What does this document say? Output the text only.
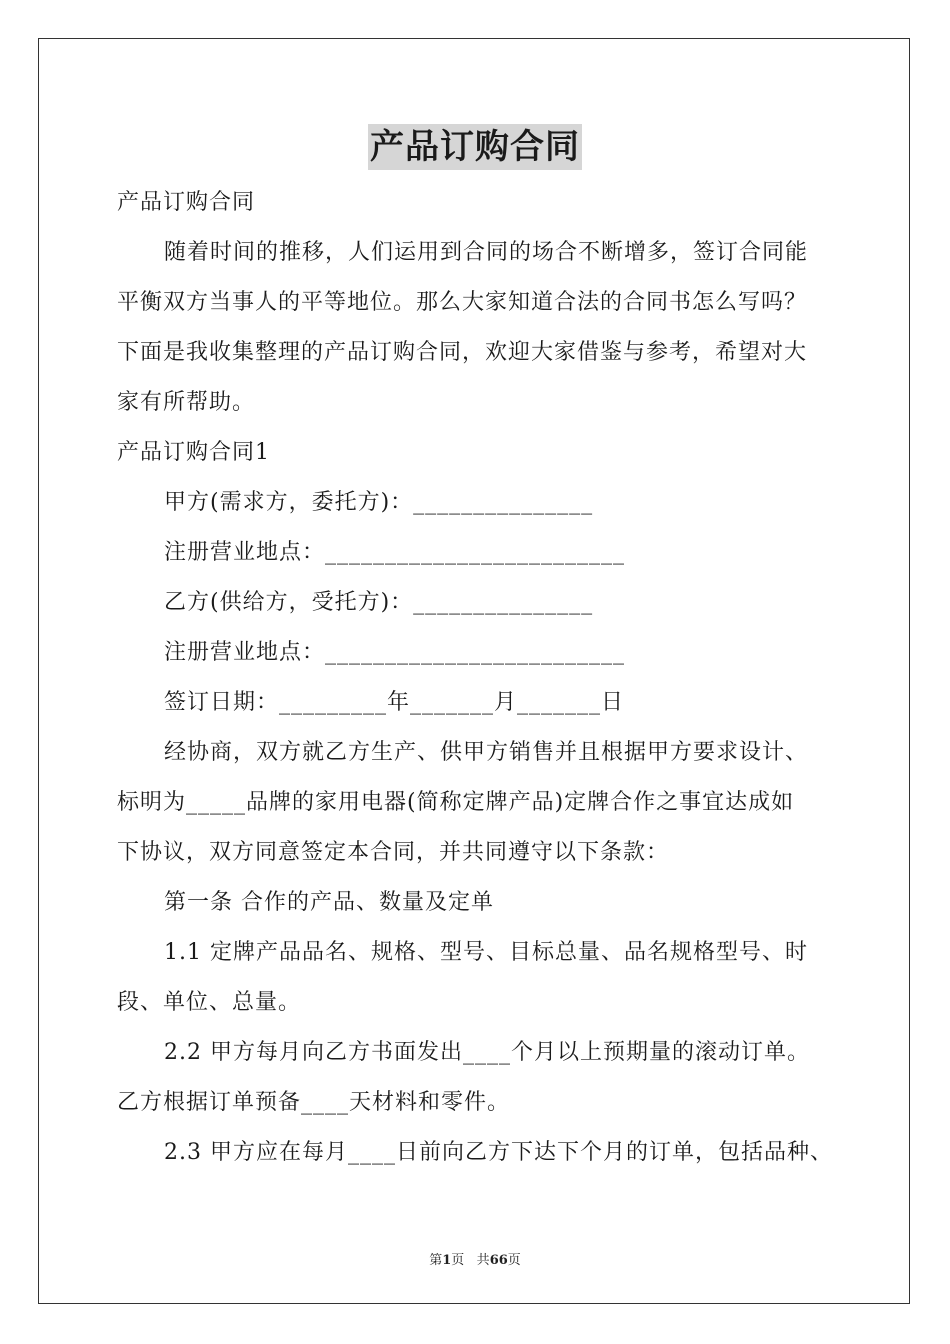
产品订购合同
产品订购合同
随着时间的推移，人们运用到合同的场合不断增多，签订合同能
平衡双方当事人的平等地位。那么大家知道合法的合同书怎么写吗？
下面是我收集整理的产品订购合同，欢迎大家借鉴与参考，希望对大
家有所帮助。
产品订购合同1
甲方(需求方，委托方)：_______________
注册营业地点：_________________________
乙方(供给方，受托方)：_______________
注册营业地点：_________________________
签订日期：_________年_______月_______日
经协商，双方就乙方生产、供甲方销售并且根据甲方要求设计、
标明为_____品牌的家用电器(简称定牌产品)定牌合作之事宜达成如
下协议，双方同意签定本合同，并共同遵守以下条款：
第一条 合作的产品、数量及定单
1.1 定牌产品品名、规格、型号、目标总量、品名规格型号、时
段、单位、总量。
2.2 甲方每月向乙方书面发出____个月以上预期量的滚动订单。
乙方根据订单预备____天材料和零件。
2.3 甲方应在每月____日前向乙方下达下个月的订单，包括品种、
第1页 共66页
